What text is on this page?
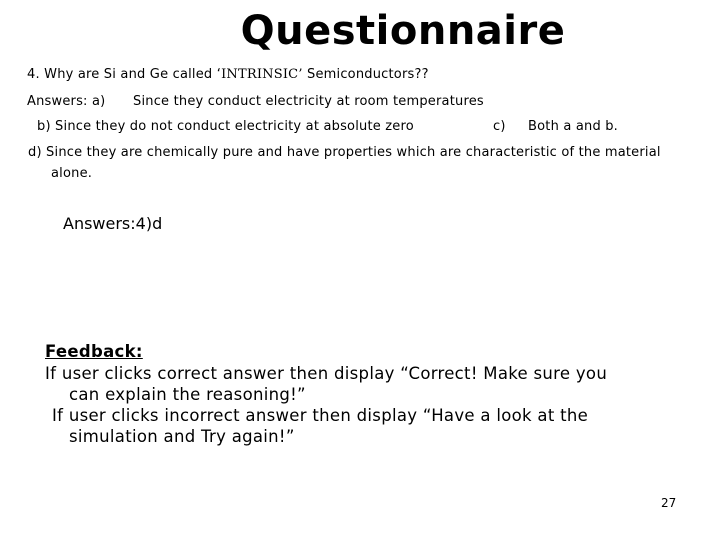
Questionnaire
4. Why are Si and Ge called ‘INTRINSIC’ Semiconductors??
Answers: a) Since they conduct electricity at room temperatures
b) Since they do not conduct electricity at absolute zero	c) Both a and b.
d) Since they are chemically pure and have properties which are characteristic of the material
alone.
Answers:4)d
Feedback:
If user clicks correct answer then display “Correct! Make sure you
can explain the reasoning!”
If user clicks incorrect answer then display “Have a look at the
simulation and Try again!”
27
